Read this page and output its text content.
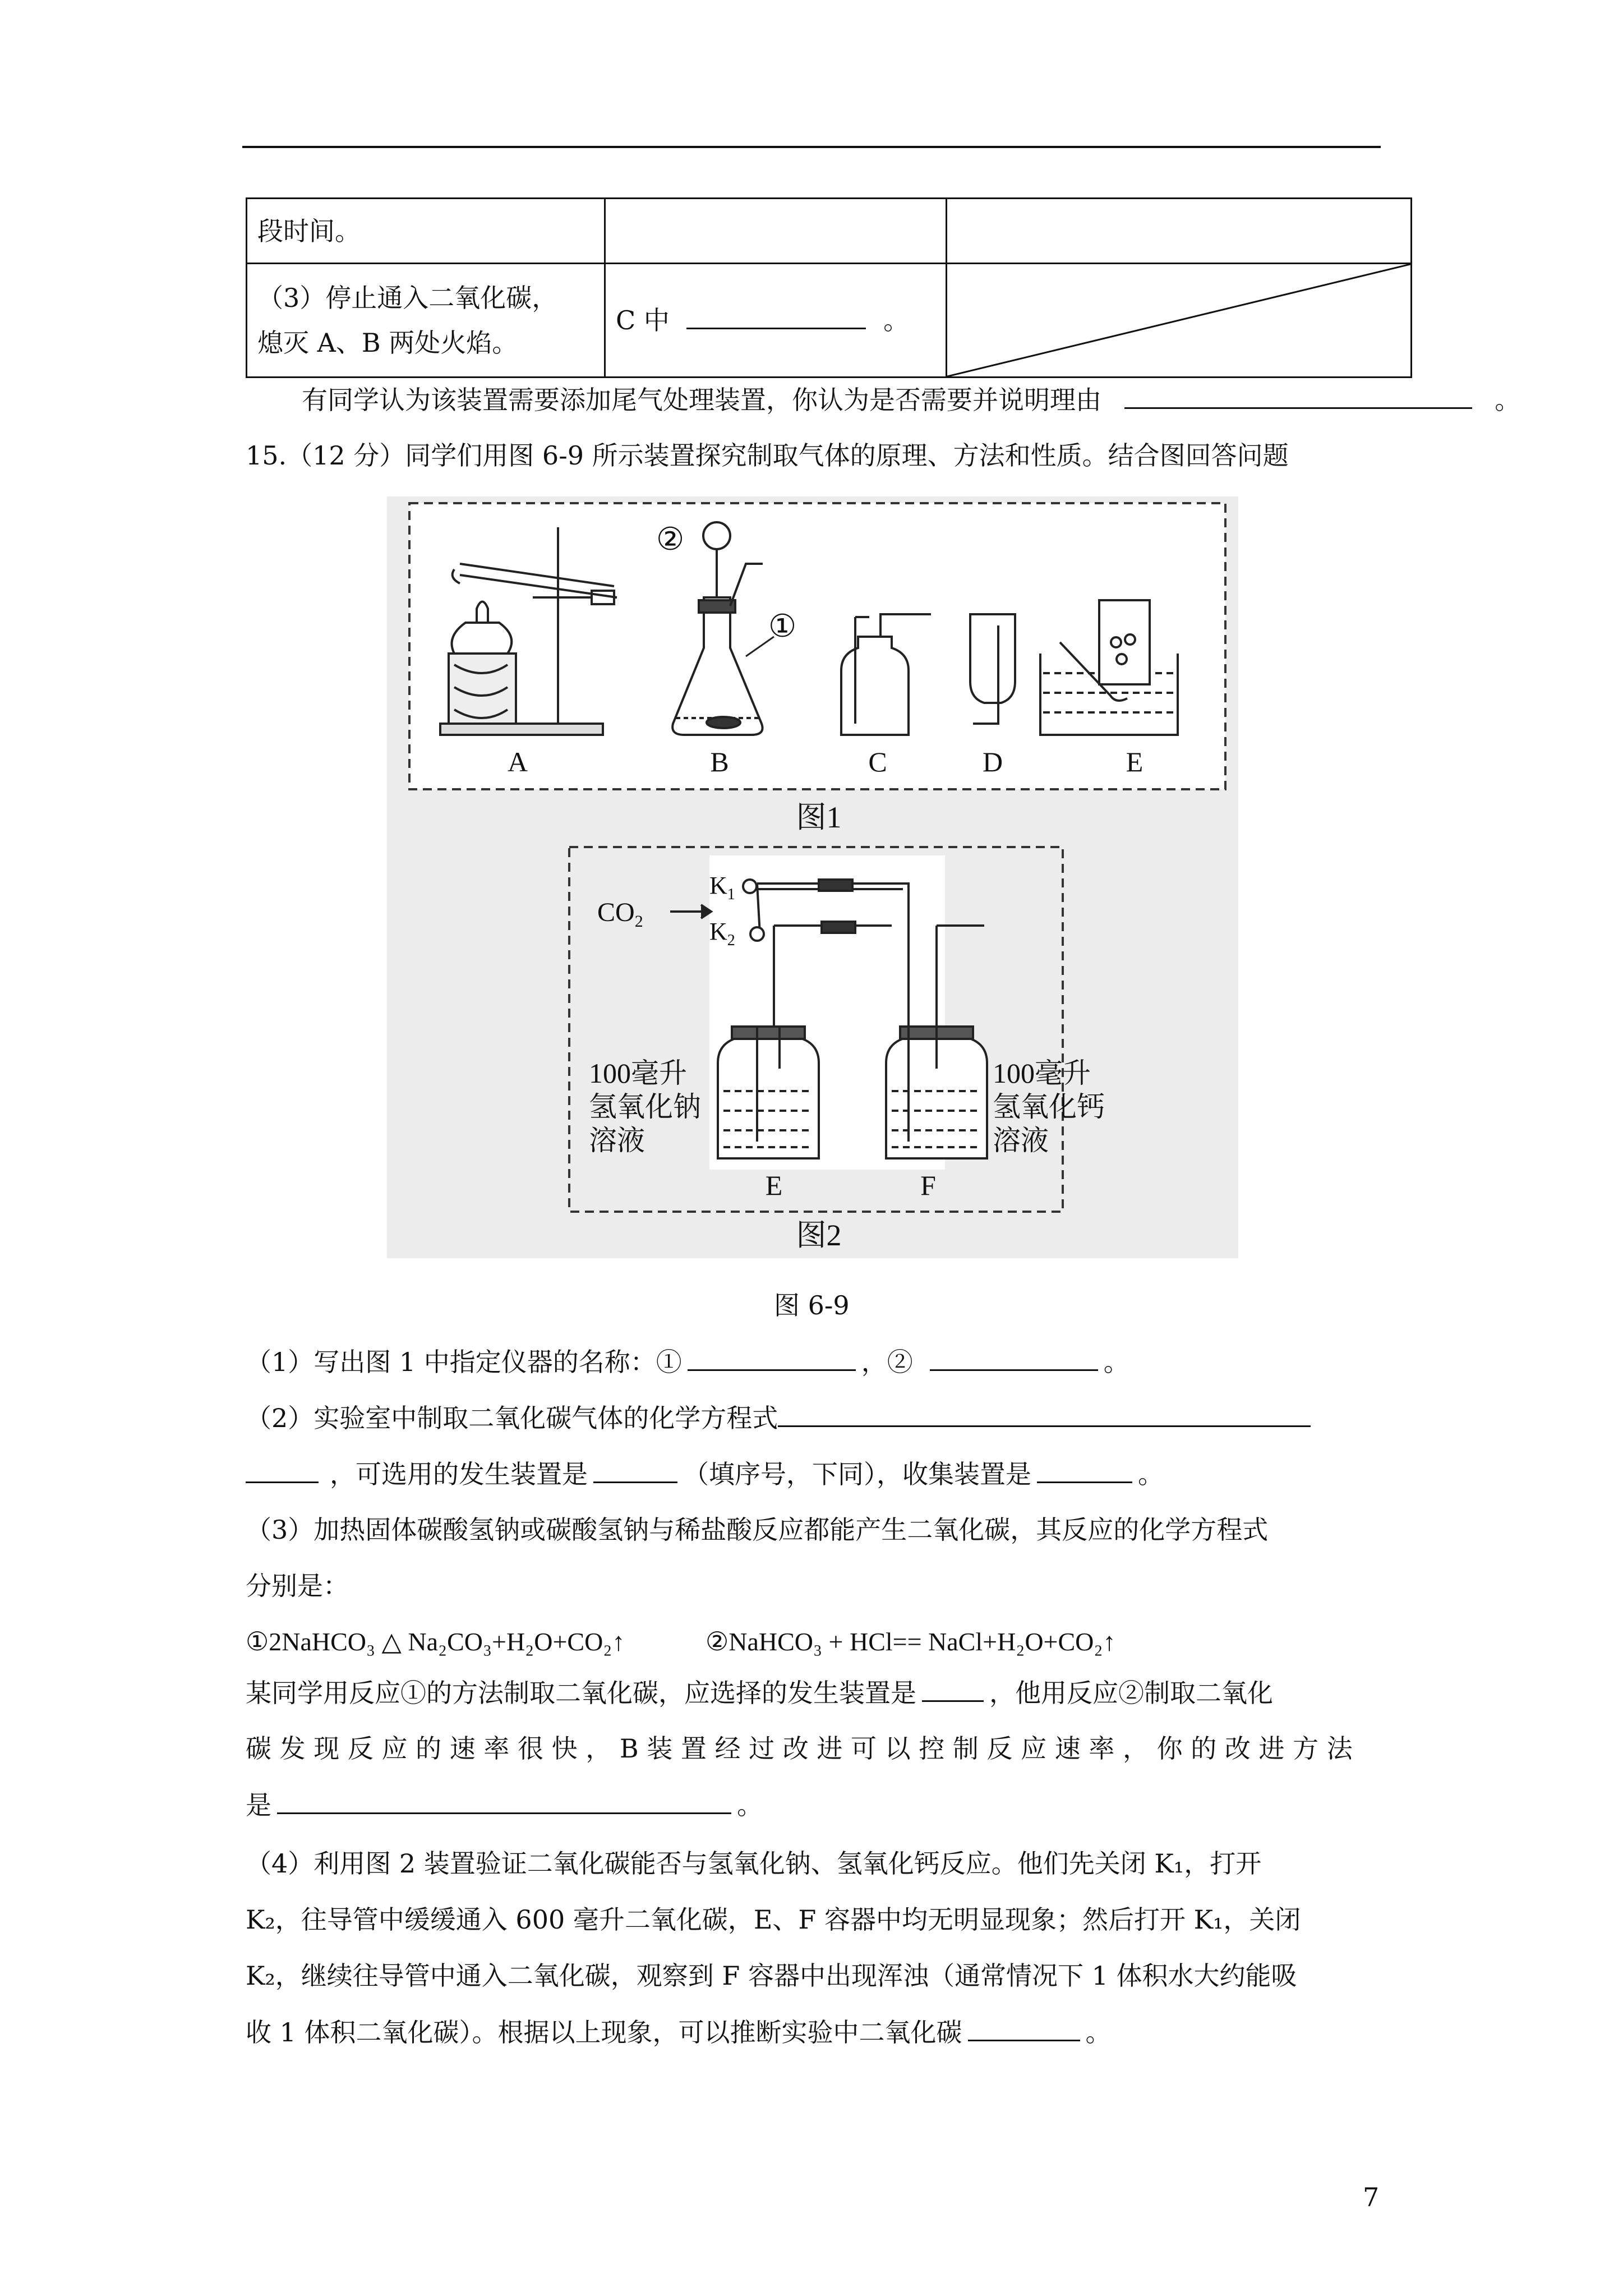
段时间。		

（3）停止通入二氧化碳，
熄灭 A、B 两处火焰。	C 中 。	
有同学认为该装置需要添加尾气处理装置，你认为是否需要并说明理由	。
15.（12 分）同学们用图 6-9 所示装置探究制取气体的原理、方法和性质。结合图回答问题
②
①
A	B	C	D	E
图1
$CO_2$
$K_1$
$K_2$
100毫升
氢氧化钠
溶液
100毫升
氢氧化钙
溶液
E	F
图2
图 6-9
（1）写出图 1 中指定仪器的名称：①	，②	。
（2）实验室中制取二氧化碳气体的化学方程式
，可选用的发生装置是	（填序号，下同），收集装置是	。
（3）加热固体碳酸氢钠或碳酸氢钠与稀盐酸反应都能产生二氧化碳，其反应的化学方程式
分别是：
①2NaHCO₃ △ Na₂CO₃+H₂O+CO₂↑	②NaHCO₃ + HCl== NaCl+H₂O+CO₂↑
某同学用反应①的方法制取二氧化碳，应选择的发生装置是	，他用反应②制取二氧化
碳 发 现 反 应 的 速 率 很 快 ， B 装 置 经 过 改 进 可 以 控 制 反 应 速 率 ， 你 的 改 进 方 法
是	。
（4）利用图 2 装置验证二氧化碳能否与氢氧化钠、氢氧化钙反应。他们先关闭 K₁，打开
K₂，往导管中缓缓通入 600 毫升二氧化碳，E、F 容器中均无明显现象；然后打开 K₁，关闭
K₂，继续往导管中通入二氧化碳，观察到 F 容器中出现浑浊（通常情况下 1 体积水大约能吸
收 1 体积二氧化碳）。根据以上现象，可以推断实验中二氧化碳	。
7
